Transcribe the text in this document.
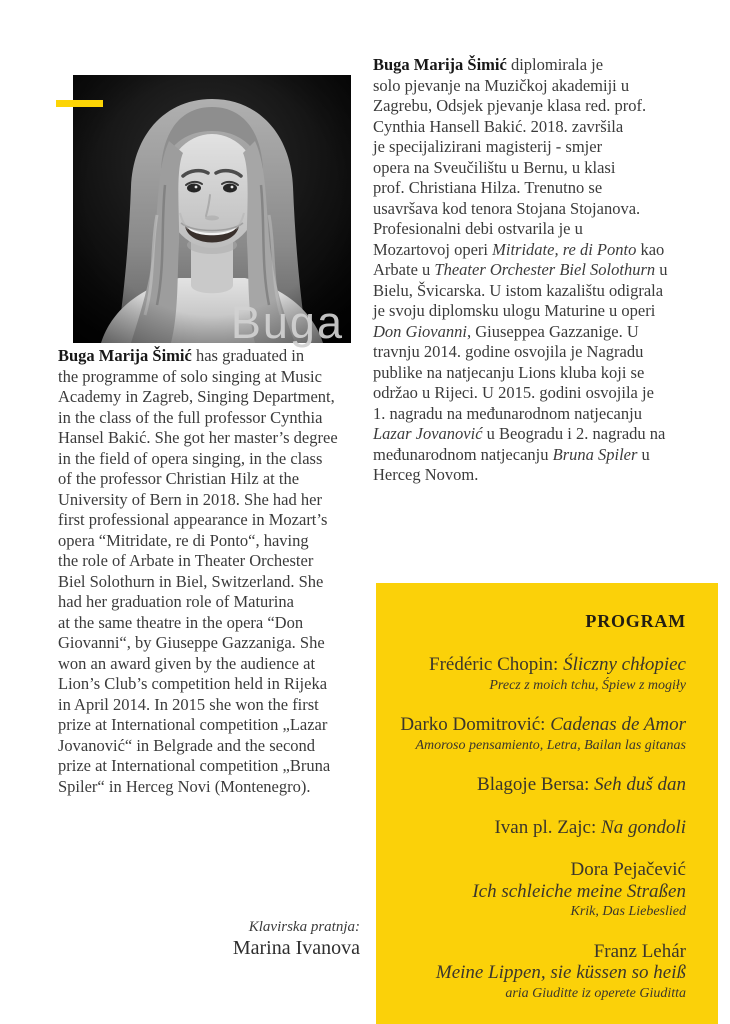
Buga
Buga Marija Šimić diplomirala je
solo pjevanje na Muzičkoj akademiji u
Zagrebu, Odsjek pjevanje klasa red. prof.
Cynthia Hansell Bakić. 2018. završila
je specijalizirani magisterij - smjer
opera na Sveučilištu u Bernu, u klasi
prof. Christiana Hilza. Trenutno se
usavršava kod tenora Stojana Stojanova.
Profesionalni debi ostvarila je u
Mozartovoj operi Mitridate, re di Ponto kao
Arbate u Theater Orchester Biel Solothurn u
Bielu, Švicarska. U istom kazalištu odigrala
je svoju diplomsku ulogu Maturine u operi
Don Giovanni, Giuseppea Gazzanige. U
travnju 2014. godine osvojila je Nagradu
publike na natjecanju Lions kluba koji se
održao u Rijeci. U 2015. godini osvojila je
1. nagradu na međunarodnom natjecanju
Lazar Jovanović u Beogradu i 2. nagradu na
međunarodnom natjecanju Bruna Spiler u
Herceg Novom.
Buga Marija Šimić has graduated in
the programme of solo singing at Music
Academy in Zagreb, Singing Department,
in the class of the full professor Cynthia
Hansel Bakić. She got her master’s degree
in the field of opera singing, in the class
of the professor Christian Hilz at the
University of Bern in 2018. She had her
first professional appearance in Mozart’s
opera “Mitridate, re di Ponto“, having
the role of Arbate in Theater Orchester
Biel Solothurn in Biel, Switzerland. She
had her graduation role of Maturina
at the same theatre in the opera “Don
Giovanni“, by Giuseppe Gazzaniga. She
won an award given by the audience at
Lion’s Club’s competition held in Rijeka
in April 2014. In 2015 she won the first
prize at International competition „Lazar
Jovanović“ in Belgrade and the second
prize at International competition „Bruna
Spiler“ in Herceg Novi (Montenegro).
Klavirska pratnja:
Marina Ivanova
PROGRAM
Frédéric Chopin: Śliczny chłopiec
Precz z moich tchu, Śpiew z mogiły
Darko Domitrović: Cadenas de Amor
Amoroso pensamiento, Letra, Bailan las gitanas
Blagoje Bersa: Seh duš dan
Ivan pl. Zajc: Na gondoli
Dora Pejačević
Ich schleiche meine Straßen
Krik, Das Liebeslied
Franz Lehár
Meine Lippen, sie küssen so heiß
aria Giuditte iz operete Giuditta
